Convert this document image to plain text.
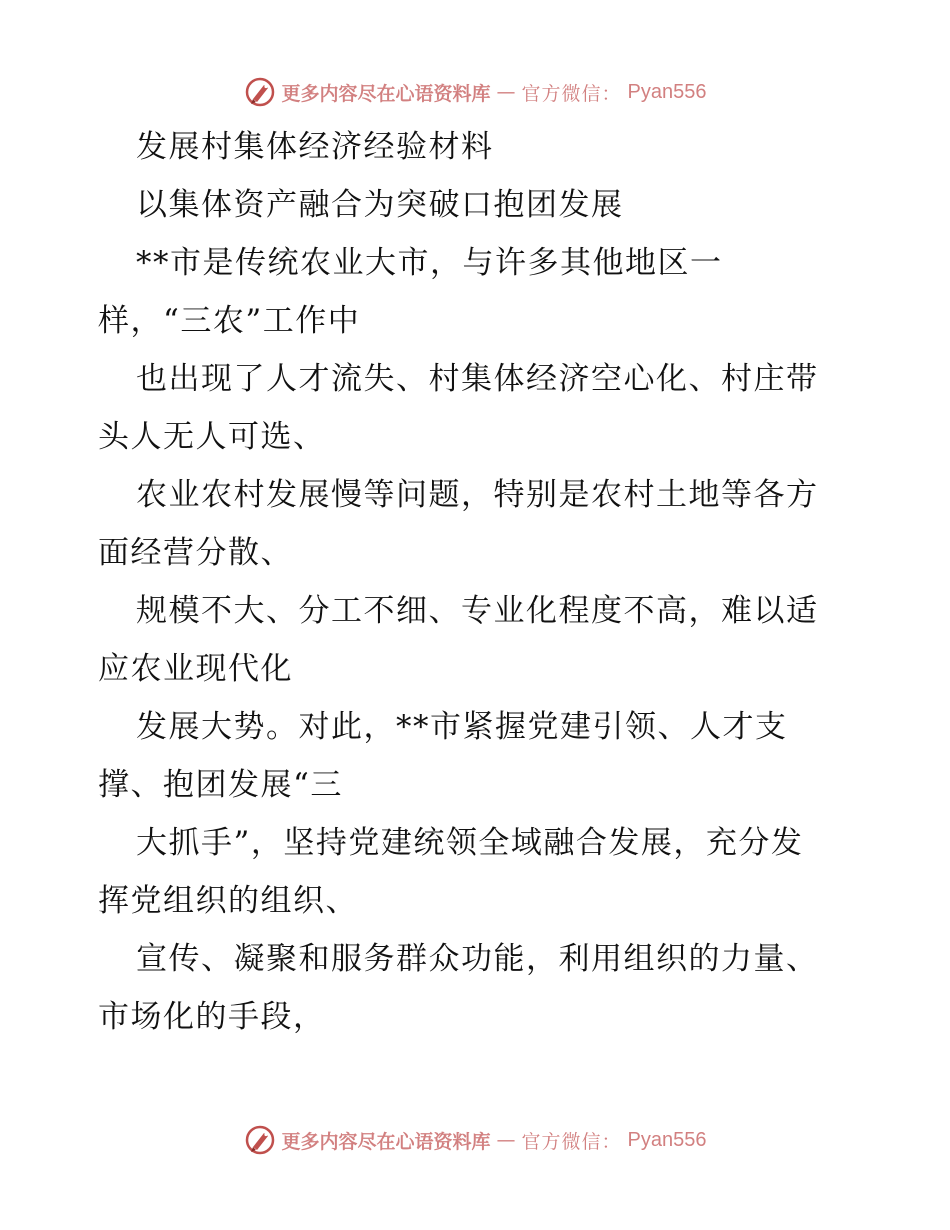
更多内容尽在心语资料库 — 官方微信： Pyan556
发展村集体经济经验材料
以集体资产融合为突破口抱团发展
**市是传统农业大市，与许多其他地区一
样，“三农”工作中
也出现了人才流失、村集体经济空心化、村庄带
头人无人可选、
农业农村发展慢等问题，特别是农村土地等各方
面经营分散、
规模不大、分工不细、专业化程度不高，难以适
应农业现代化
发展大势。对此，**市紧握党建引领、人才支
撑、抱团发展“三
大抓手”，坚持党建统领全域融合发展，充分发
挥党组织的组织、
宣传、凝聚和服务群众功能，利用组织的力量、
市场化的手段，
更多内容尽在心语资料库 — 官方微信： Pyan556
